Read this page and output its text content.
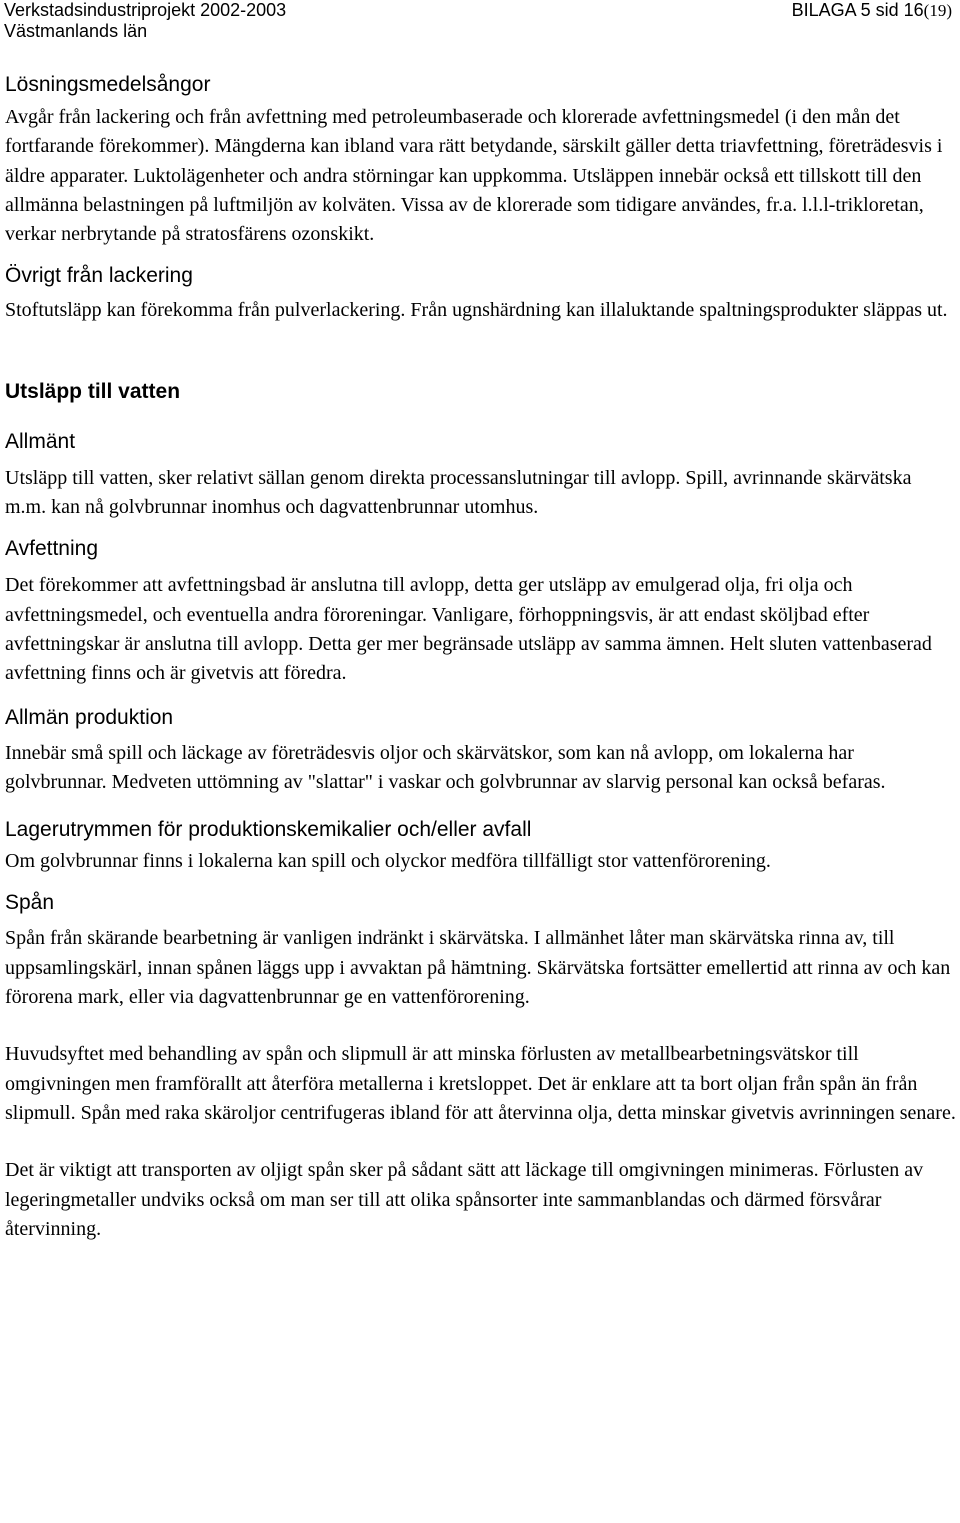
Verkstadsindustriprojekt 2002-2003
Västmanlands län
BILAGA 5 sid 16(19)
Lösningsmedelsångor

Avgår från lackering och från avfettning med petroleumbaserade och klorerade avfettningsmedel (i den mån det fortfarande förekommer). Mängderna kan ibland vara rätt betydande, särskilt gäller detta triavfettning, företrädesvis i äldre apparater. Luktolägenheter och andra störningar kan uppkomma. Utsläppen innebär också ett tillskott till den allmänna belastningen på luftmiljön av kolväten. Vissa av de klorerade som tidigare användes, fr.a. l.l.l-trikloretan, verkar nerbrytande på stratosfärens ozonskikt.

Övrigt från lackering

Stoftutsläpp kan förekomma från pulverlackering. Från ugnshärdning kan illaluktande spaltningsprodukter släppas ut.

Utsläpp till vatten
Allmänt

Utsläpp till vatten, sker relativt sällan genom direkta processanslutningar till avlopp. Spill, avrinnande skärvätska m.m. kan nå golvbrunnar inomhus och dagvattenbrunnar utomhus.

Avfettning

Det förekommer att avfettningsbad är anslutna till avlopp, detta ger utsläpp av emulgerad olja, fri olja och avfettningsmedel, och eventuella andra föroreningar. Vanligare, förhoppningsvis, är att endast sköljbad efter avfettningskar är anslutna till avlopp. Detta ger mer begränsade utsläpp av samma ämnen. Helt sluten vattenbaserad avfettning finns och är givetvis att föredra.

Allmän produktion

Innebär små spill och läckage av företrädesvis oljor och skärvätskor, som kan nå avlopp, om lokalerna har golvbrunnar. Medveten uttömning av "slattar" i vaskar och golvbrunnar av slarvig personal kan också befaras.

Lagerutrymmen för produktionskemikalier och/eller avfall

Om golvbrunnar finns i lokalerna kan spill och olyckor medföra tillfälligt stor vattenförorening.

Spån

Spån från skärande bearbetning är vanligen indränkt i skärvätska. I allmänhet låter man skärvätska rinna av, till uppsamlingskärl, innan spånen läggs upp i avvaktan på hämtning. Skärvätska fortsätter emellertid att rinna av och kan förorena mark, eller via dagvattenbrunnar ge en vattenförorening.

Huvudsyftet med behandling av spån och slipmull är att minska förlusten av metallbearbetningsvätskor till omgivningen men framförallt att återföra metallerna i kretsloppet. Det är enklare att ta bort oljan från spån än från slipmull. Spån med raka skäroljor centrifugeras ibland för att återvinna olja, detta minskar givetvis avrinningen senare.

Det är viktigt att transporten av oljigt spån sker på sådant sätt att läckage till omgivningen minimeras. Förlusten av legeringmetaller undviks också om man ser till att olika spånsorter inte sammanblandas och därmed försvårar återvinning.
